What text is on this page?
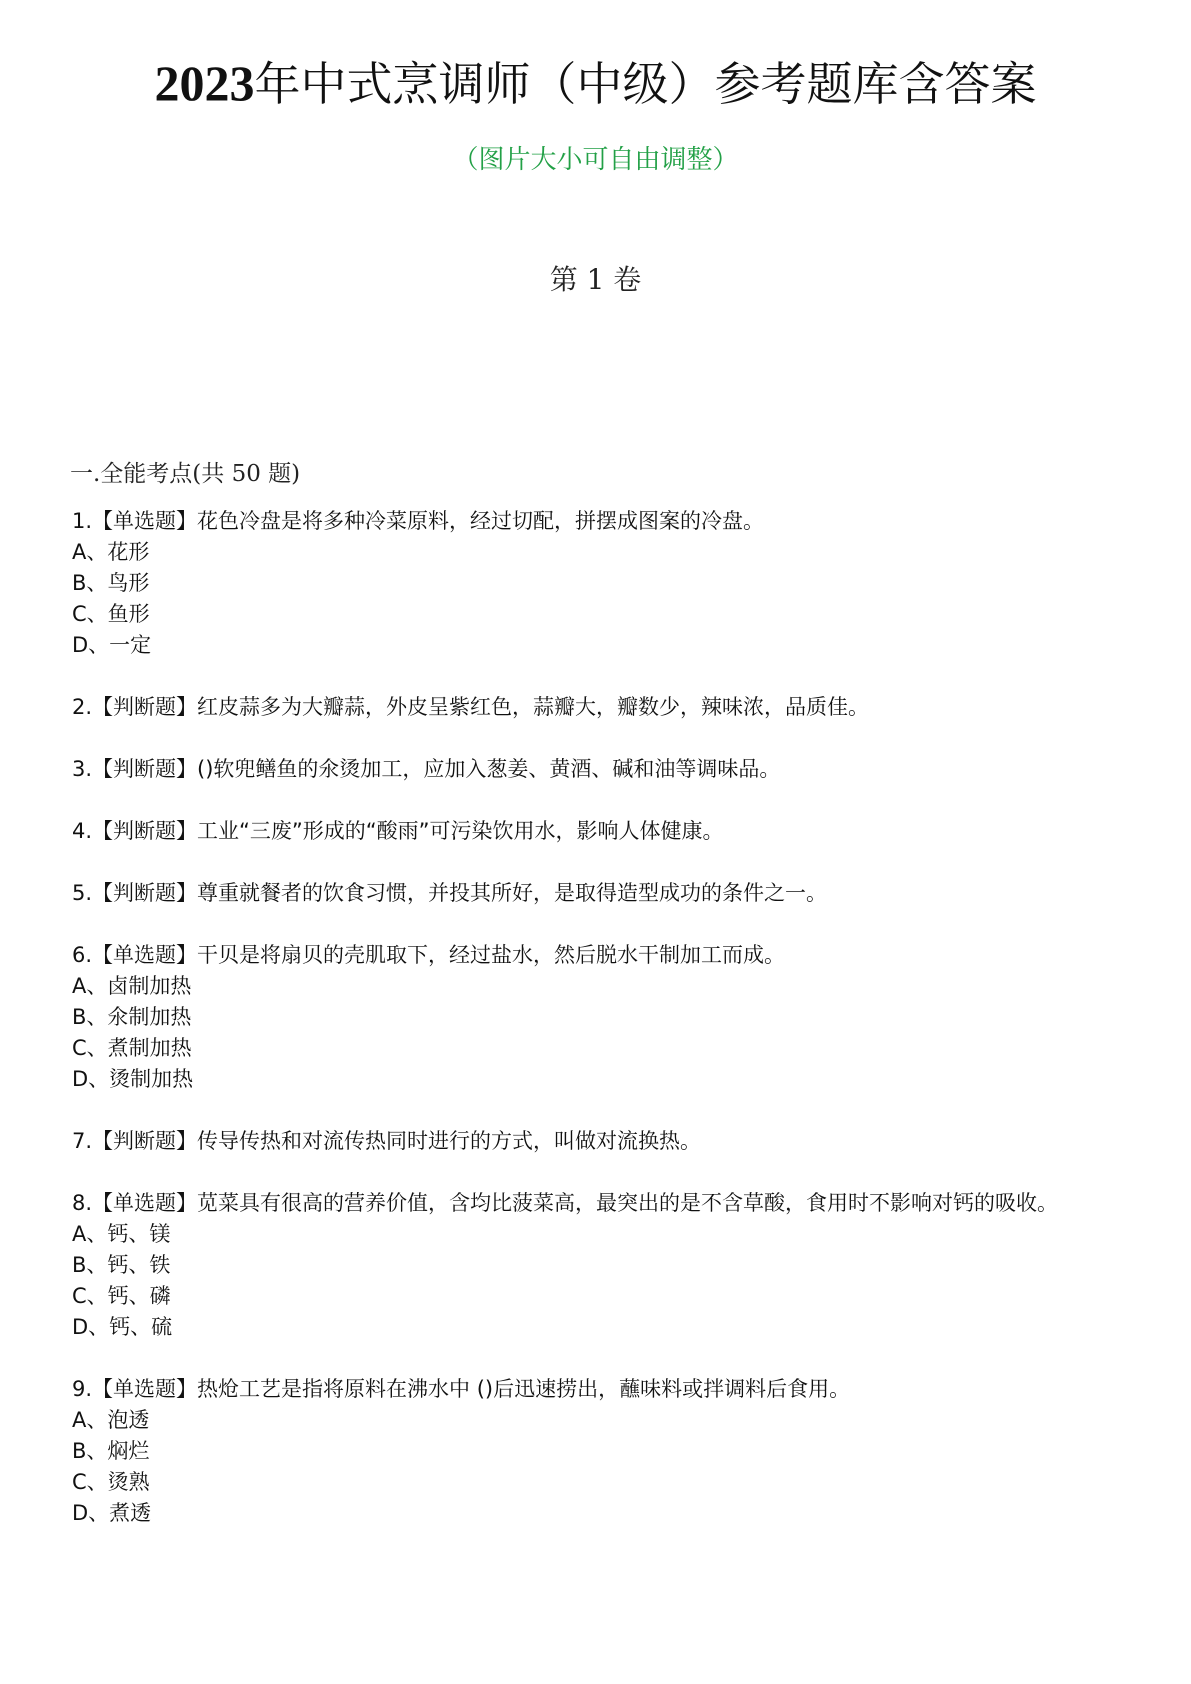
2023年中式烹调师（中级）参考题库含答案
（图片大小可自由调整）
第 1 卷
一.全能考点(共 50 题)

1.【单选题】花色冷盘是将多种冷菜原料，经过切配，拼摆成图案的冷盘。

A、花形

B、鸟形

C、鱼形

D、一定

2.【判断题】红皮蒜多为大瓣蒜，外皮呈紫红色，蒜瓣大，瓣数少，辣味浓，品质佳。

3.【判断题】()软兜鳝鱼的氽烫加工，应加入葱姜、黄酒、碱和油等调味品。

4.【判断题】工业“三废”形成的“酸雨”可污染饮用水，影响人体健康。

5.【判断题】尊重就餐者的饮食习惯，并投其所好，是取得造型成功的条件之一。

6.【单选题】干贝是将扇贝的壳肌取下，经过盐水，然后脱水干制加工而成。

A、卤制加热

B、氽制加热

C、煮制加热

D、烫制加热

7.【判断题】传导传热和对流传热同时进行的方式，叫做对流换热。

8.【单选题】苋菜具有很高的营养价值，含均比菠菜高，最突出的是不含草酸，食用时不影响对钙的吸收。

A、钙、镁

B、钙、铁

C、钙、磷

D、钙、硫

9.【单选题】热炝工艺是指将原料在沸水中 ()后迅速捞出，蘸味料或拌调料后食用。

A、泡透

B、焖烂

C、烫熟

D、煮透
